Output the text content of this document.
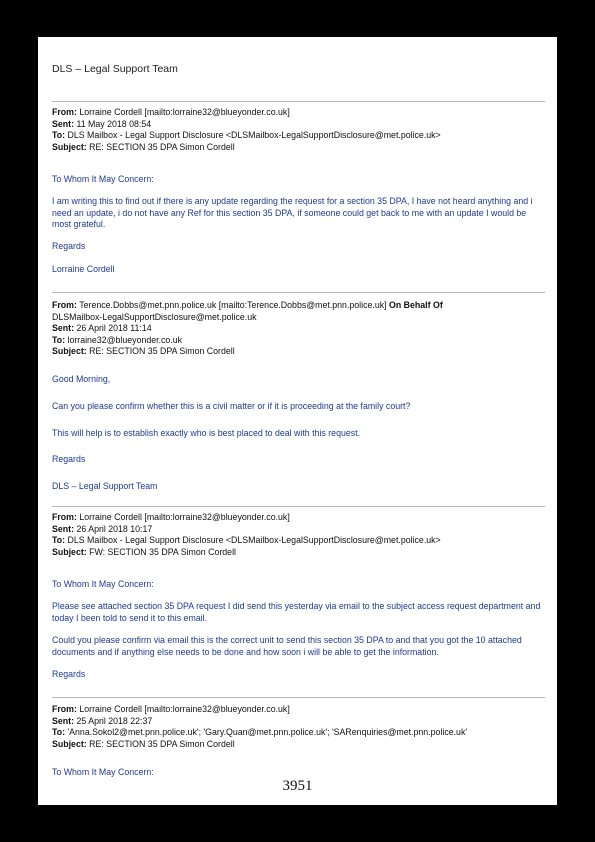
DLS – Legal Support Team

From: Lorraine Cordell [mailto:lorraine32@blueyonder.co.uk]

Sent: 11 May 2018 08:54

To: DLS Mailbox - Legal Support Disclosure <DLSMailbox-LegalSupportDisclosure@met.police.uk>

Subject: RE: SECTION 35 DPA Simon Cordell

To Whom It May Concern:

I am writing this to find out if there is any update regarding the request for a section 35 DPA, I have not heard anything and i need an update, i do not have any Ref for this section 35 DPA, if someone could get back to me with an update I would be most grateful.

Regards

Lorraine Cordell

From: Terence.Dobbs@met.pnn.police.uk [mailto:Terence.Dobbs@met.pnn.police.uk] On Behalf Of

DLSMailbox-LegalSupportDisclosure@met.police.uk

Sent: 26 April 2018 11:14

To: lorraine32@blueyonder.co.uk

Subject: RE: SECTION 35 DPA Simon Cordell

Good Morning,

Can you please confirm whether this is a civil matter or if it is proceeding at the family court?

This will help is to establish exactly who is best placed to deal with this request.

Regards

DLS – Legal Support Team

From: Lorraine Cordell [mailto:lorraine32@blueyonder.co.uk]

Sent: 26 April 2018 10:17

To: DLS Mailbox - Legal Support Disclosure <DLSMailbox-LegalSupportDisclosure@met.police.uk>

Subject: FW: SECTION 35 DPA Simon Cordell

To Whom It May Concern:

Please see attached section 35 DPA request I did send this yesterday via email to the subject access request department and today I been told to send it to this email.

Could you please confirm via email this is the correct unit to send this section 35 DPA to and that you got the 10 attached documents and if anything else needs to be done and how soon i will be able to get the information.

Regards

From: Lorraine Cordell [mailto:lorraine32@blueyonder.co.uk]

Sent: 25 April 2018 22:37

To: 'Anna.Sokol2@met.pnn.police.uk'; 'Gary.Quan@met.pnn.police.uk'; 'SARenquiries@met.pnn.police.uk'

Subject: RE: SECTION 35 DPA Simon Cordell

To Whom It May Concern:

3951
